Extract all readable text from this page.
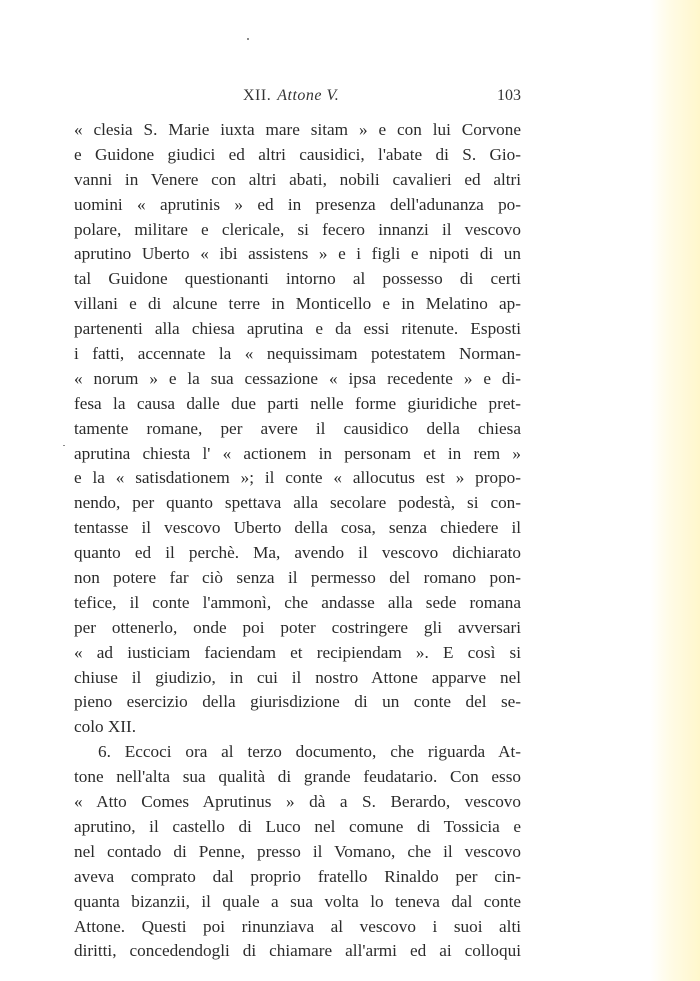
XII. Attone V.	103
« clesia S. Marie iuxta mare sitam » e con lui Corvone
e Guidone giudici ed altri causidici, l'abate di S. Gio-
vanni in Venere con altri abati, nobili cavalieri ed altri
uomini « aprutinis » ed in presenza dell'adunanza po-
polare, militare e clericale, si fecero innanzi il vescovo
aprutino Uberto « ibi assistens » e i figli e nipoti di un
tal Guidone questionanti intorno al possesso di certi
villani e di alcune terre in Monticello e in Melatino ap-
partenenti alla chiesa aprutina e da essi ritenute. Esposti
i fatti, accennate la « nequissimam potestatem Norman-
« norum » e la sua cessazione « ipsa recedente » e di-
fesa la causa dalle due parti nelle forme giuridiche pret-
tamente romane, per avere il causidico della chiesa
aprutina chiesta l' « actionem in personam et in rem »
e la « satisdationem »; il conte « allocutus est » propo-
nendo, per quanto spettava alla secolare podestà, si con-
tentasse il vescovo Uberto della cosa, senza chiedere il
quanto ed il perchè. Ma, avendo il vescovo dichiarato
non potere far ciò senza il permesso del romano pon-
tefice, il conte l'ammonì, che andasse alla sede romana
per ottenerlo, onde poi poter costringere gli avversari
« ad iusticiam faciendam et recipiendam ». E così si
chiuse il giudizio, in cui il nostro Attone apparve nel
pieno esercizio della giurisdizione di un conte del se-
colo XII.
6. Eccoci ora al terzo documento, che riguarda At-
tone nell'alta sua qualità di grande feudatario. Con esso
« Atto Comes Aprutinus » dà a S. Berardo, vescovo
aprutino, il castello di Luco nel comune di Tossicia e
nel contado di Penne, presso il Vomano, che il vescovo
aveva comprato dal proprio fratello Rinaldo per cin-
quanta bizanzii, il quale a sua volta lo teneva dal conte
Attone. Questi poi rinunziava al vescovo i suoi alti
diritti, concedendogli di chiamare all'armi ed ai colloqui
